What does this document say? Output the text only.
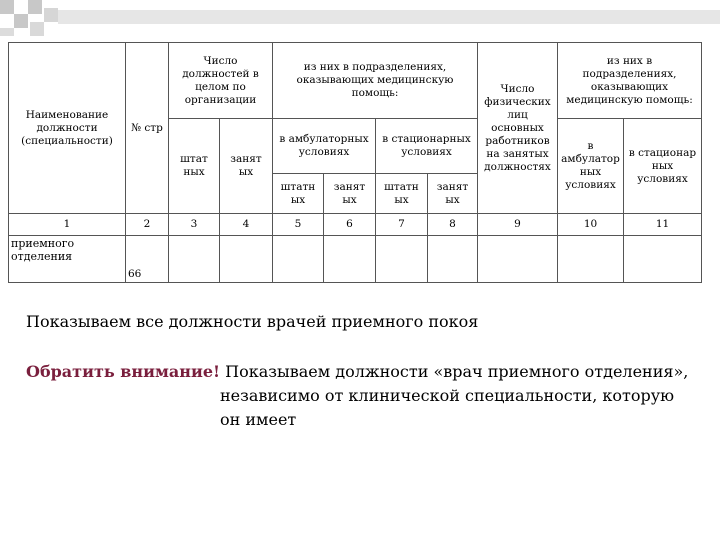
Наименование должности (специальности)	№ стр	Число должностей в целом по организации		из них в подразделениях, оказывающих медицинскую помощь:				Число физических лиц основных работников на занятых должностях	из них в подразделениях, оказывающих медицинскую помощь:	
		штат ных	занят ых	в амбулаторных условиях		в стационарных условиях			в амбулатор ных условиях	в стационар ных условиях
				штатн ых	занят ых	штатн ых	занят ых			
1	2	3	4	5	6	7	8	9	10	11
приемного отделения	66									
Показываем все должности врачей приемного покоя
Обратить внимание! Показываем должности «врач приемного отделения»,
независимо от клинической специальности, которую
он имеет
